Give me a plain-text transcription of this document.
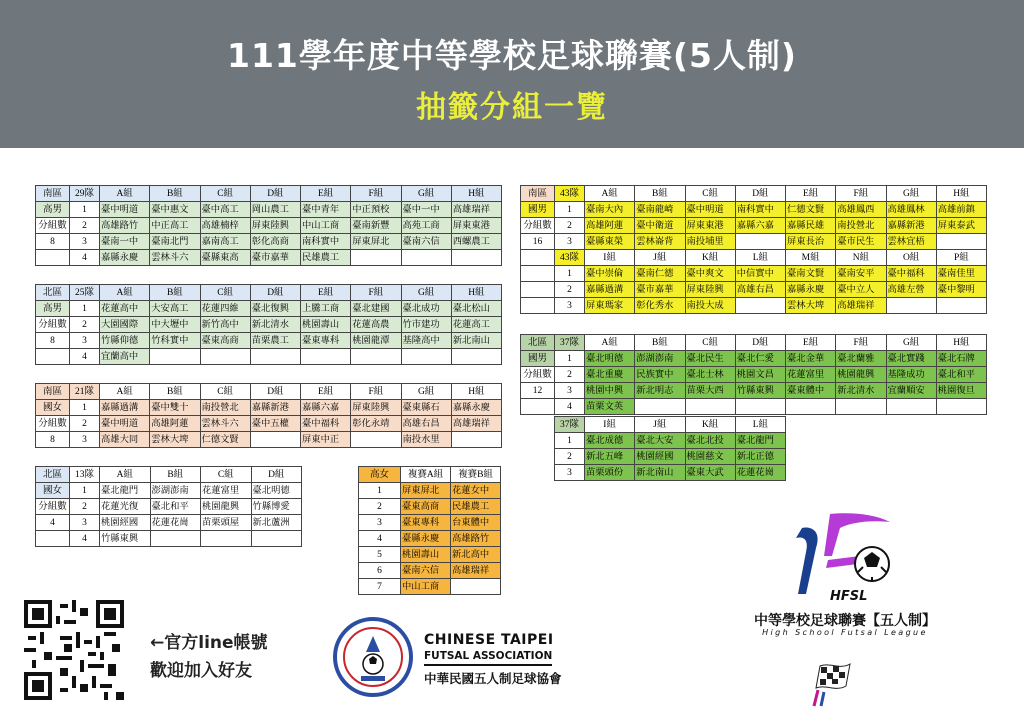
111學年度中等學校足球聯賽(5人制)
抽籤分組一覽
南區	29隊	A組	B組	C組	D組	E組	F組	G組	H組
高男	1	臺中明道	臺中惠文	臺中高工	岡山農工	臺中青年	中正預校	臺中一中	高雄瑞祥
分組數	2	高雄路竹	中正高工	高雄楠梓	屏東陸興	中山工商	臺南新豐	高苑工商	屏東東港
8	3	臺南一中	臺南北門	嘉南高工	彰化高商	南科實中	屏東屏北	臺南六信	西螺農工
	4	嘉縣永慶	雲林斗六	臺縣東高	臺市嘉華	民雄農工			
北區	25隊	A組	B組	C組	D組	E組	F組	G組	H組
高男	1	花蓮高中	大安高工	花蓮四維	臺北復興	上騰工商	臺北建國	臺北成功	臺北松山
分組數	2	大園國際	中大壢中	新竹高中	新北清水	桃園壽山	花蓮高農	竹市建功	花蓮高工
8	3	竹縣仰德	竹科實中	臺東高商	苗栗農工	臺東專科	桃園龍潭	基隆高中	新北南山
	4	宜蘭高中							
南區	21隊	A組	B組	C組	D組	E組	F組	G組	H組
國女	1	嘉縣過溝	臺中雙十	南投營北	嘉縣新港	嘉縣六嘉	屏東陸興	臺東縣石	嘉縣永慶
分組數	2	臺中明道	高雄阿蓮	雲林斗六	臺中五權	臺中福科	彰化永靖	高雄右昌	高雄瑞祥
8	3	高雄大同	雲林大埤	仁德文賢		屏東中正		南投水里	
北區	13隊	A組	B組	C組	D組
國女	1	臺北龍門	澎湖澎南	花蓮富里	臺北明德
分組數	2	花蓮光復	臺北和平	桃園龍興	竹縣博愛
4	3	桃園經國	花蓮花崗	苗栗頭屋	新北蘆洲
	4	竹縣東興			
高女	複賽A組	複賽B組
1	屏東屏北	花蓮女中
2	臺東高商	民雄農工
3	臺東專科	台東體中
4	臺縣永慶	高雄路竹
5	桃園壽山	新北高中
6	臺南六信	高雄瑞祥
7	中山工商	
南區	43隊	A組	B組	C組	D組	E組	F組	G組	H組
國男	1	臺南大內	臺南龍崎	臺中明道	南科實中	仁德文賢	高雄鳳西	高雄鳳林	高雄前鎮
分組數	2	高雄阿蓮	臺中衛道	屏東東港	嘉縣六嘉	嘉縣民雄	南投營北	嘉縣新港	屏東泰武
16	3	臺縣東榮	雲林崙背	南投埔里		屏東長治	臺市民生	雲林宜梧	
	43隊	I組	J組	K組	L組	M組	N組	O組	P組
	1	臺中崇倫	臺南仁德	臺中爽文	中信實中	臺南文賢	臺南安平	臺中福科	臺南佳里
	2	嘉縣過溝	臺市嘉華	屏東陸興	高雄右昌	嘉縣永慶	臺中立人	高雄左營	臺中黎明
	3	屏東瑪家	彰化秀水	南投大成		雲林大埤	高雄瑞祥		
北區	37隊	A組	B組	C組	D組	E組	F組	G組	H組
國男	1	臺北明德	澎湖澎南	臺北民生	臺北仁愛	臺北金華	臺北蘭雅	臺北實踐	臺北石牌
分組數	2	臺北重慶	民族實中	臺北士林	桃園文昌	花蓮富里	桃園龍興	基隆成功	臺北和平
12	3	桃園中興	新北明志	苗栗大西	竹縣東興	臺東體中	新北清水	宜蘭順安	桃園復旦
	4	苗栗文英							
37隊	I組	J組	K組	L組
1	臺北成德	臺北大安	臺北北投	臺北龍門
2	新北五峰	桃園經國	桃園慈文	新北正德
3	苗栗頭份	新北南山	臺東大武	花蓮花崗
←官方line帳號
歡迎加入好友
CHINESE TAIPEI
FUTSAL ASSOCIATION
中華民國五人制足球協會
HFSL
中等學校足球聯賽【五人制】
High School Futsal League
